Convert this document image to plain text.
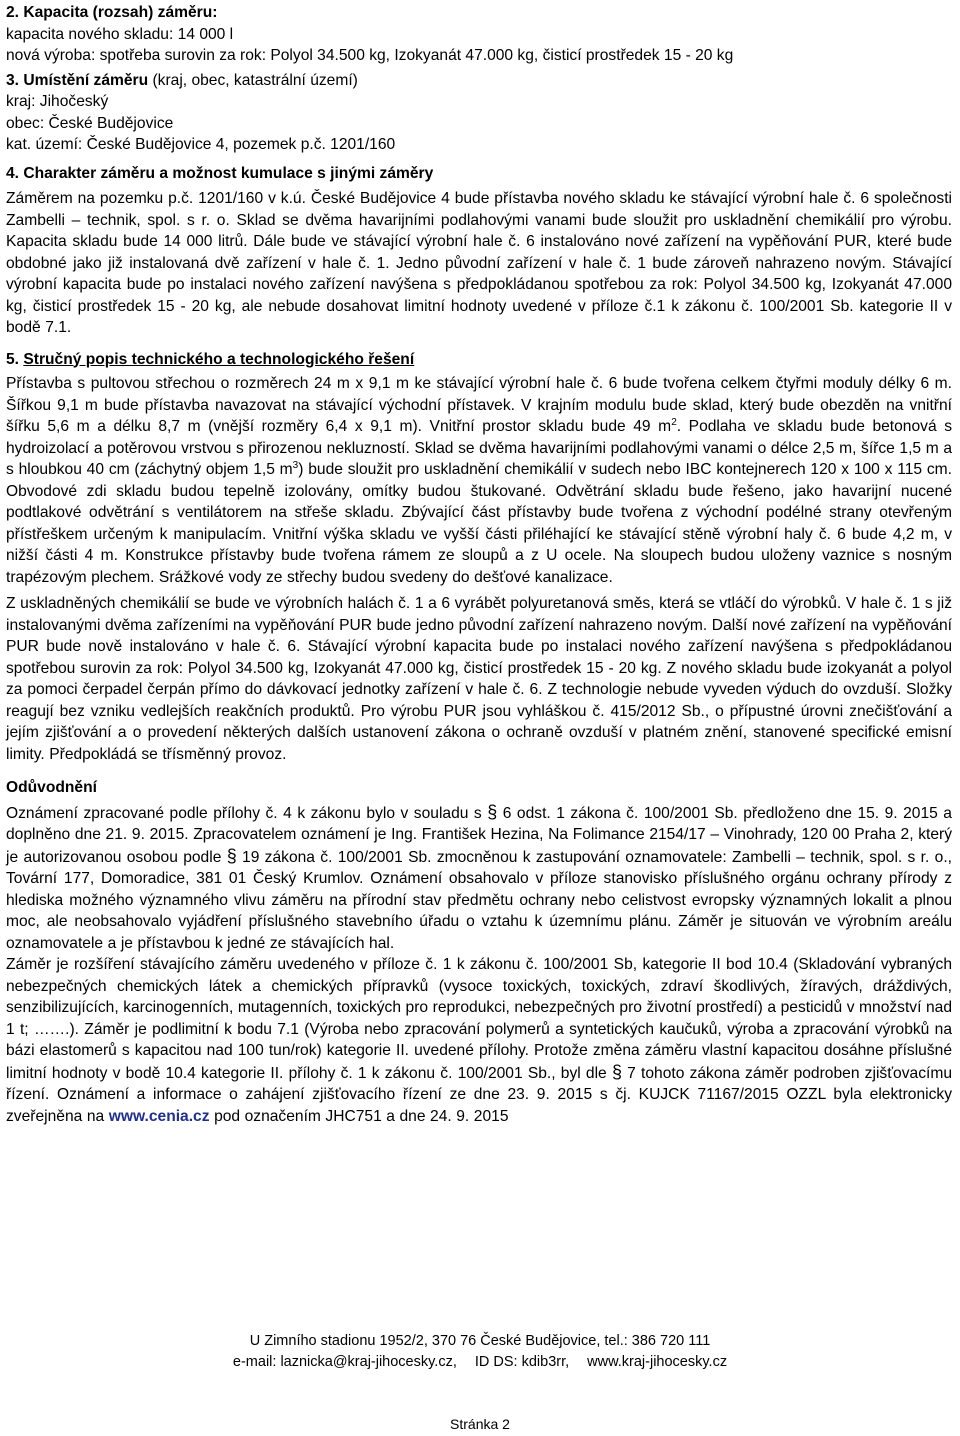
2. Kapacita (rozsah) záměru:
kapacita nového skladu: 14 000 l
nová výroba: spotřeba surovin za rok: Polyol 34.500 kg, Izokyanát 47.000 kg, čisticí prostředek 15 - 20 kg
3. Umístění záměru (kraj, obec, katastrální území)
kraj: Jihočeský
obec: České Budějovice
kat. území: České Budějovice 4, pozemek p.č. 1201/160
4. Charakter záměru a možnost kumulace s jinými záměry

Záměrem na pozemku p.č. 1201/160 v k.ú. České Budějovice 4 bude přístavba nového skladu ke stávající výrobní hale č. 6 společnosti Zambelli – technik, spol. s r. o. Sklad se dvěma havarijními podlahovými vanami bude sloužit pro uskladnění chemikálií pro výrobu. Kapacita skladu bude 14 000 litrů. Dále bude ve stávající výrobní hale č. 6 instalováno nové zařízení na vypěňování PUR, které bude obdobné jako již instalovaná dvě zařízení v hale č. 1. Jedno původní zařízení v hale č. 1 bude zároveň nahrazeno novým. Stávající výrobní kapacita bude po instalaci nového zařízení navýšena s předpokládanou spotřebou za rok: Polyol 34.500 kg, Izokyanát 47.000 kg, čisticí prostředek 15 - 20 kg, ale nebude dosahovat limitní hodnoty uvedené v příloze č.1 k zákonu č. 100/2001 Sb. kategorie II v bodě 7.1.

5. Stručný popis technického a technologického řešení

Přístavba s pultovou střechou o rozměrech 24 m x 9,1 m ke stávající výrobní hale č. 6 bude tvořena celkem čtyřmi moduly délky 6 m. Šířkou 9,1 m bude přístavba navazovat na stávající východní přístavek. V krajním modulu bude sklad, který bude obezděn na vnitřní šířku 5,6 m a délku 8,7 m (vnější rozměry 6,4 x 9,1 m). Vnitřní prostor skladu bude 49 $m^2$. Podlaha ve skladu bude betonová s hydroizolací a potěrovou vrstvou s přirozenou nekluzností. Sklad se dvěma havarijními podlahovými vanami o délce 2,5 m, šířce 1,5 m a s hloubkou 40 cm (záchytný objem 1,5 $m^3$) bude sloužit pro uskladnění chemikálií v sudech nebo IBC kontejnerech 120 x 100 x 115 cm. Obvodové zdi skladu budou tepelně izolovány, omítky budou štukované. Odvětrání skladu bude řešeno, jako havarijní nucené podtlakové odvětrání s ventilátorem na střeše skladu. Zbývající část přístavby bude tvořena z východní podélné strany otevřeným přístřeškem určeným k manipulacím. Vnitřní výška skladu ve vyšší části přiléhající ke stávající stěně výrobní haly č. 6 bude 4,2 m, v nižší části 4 m. Konstrukce přístavby bude tvořena rámem ze sloupů a z U ocele. Na sloupech budou uloženy vaznice s nosným trapézovým plechem. Srážkové vody ze střechy budou svedeny do dešťové kanalizace.

Z uskladněných chemikálií se bude ve výrobních halách č. 1 a 6 vyrábět polyuretanová směs, která se vtláčí do výrobků. V hale č. 1 s již instalovanými dvěma zařízeními na vypěňování PUR bude jedno původní zařízení nahrazeno novým. Další nové zařízení na vypěňování PUR bude nově instalováno v hale č. 6. Stávající výrobní kapacita bude po instalaci nového zařízení navýšena s předpokládanou spotřebou surovin za rok: Polyol 34.500 kg, Izokyanát 47.000 kg, čisticí prostředek 15 - 20 kg. Z nového skladu bude izokyanát a polyol za pomoci čerpadel čerpán přímo do dávkovací jednotky zařízení v hale č. 6. Z technologie nebude vyveden výduch do ovzduší. Složky reagují bez vzniku vedlejších reakčních produktů. Pro výrobu PUR jsou vyhláškou č. 415/2012 Sb., o přípustné úrovni znečišťování a jejím zjišťování a o provedení některých dalších ustanovení zákona o ochraně ovzduší v platném znění, stanovené specifické emisní limity. Předpokládá se třísměnný provoz.

Odůvodnění

Oznámení zpracované podle přílohy č. 4 k zákonu bylo v souladu s § 6 odst. 1 zákona č. 100/2001 Sb. předloženo dne 15. 9. 2015 a doplněno dne 21. 9. 2015. Zpracovatelem oznámení je Ing. František Hezina, Na Folimance 2154/17 – Vinohrady, 120 00 Praha 2, který je autorizovanou osobou podle § 19 zákona č. 100/2001 Sb. zmocněnou k zastupování oznamovatele: Zambelli – technik, spol. s r. o., Tovární 177, Domoradice, 381 01 Český Krumlov. Oznámení obsahovalo v příloze stanovisko příslušného orgánu ochrany přírody z hlediska možného významného vlivu záměru na přírodní stav předmětu ochrany nebo celistvost evropsky významných lokalit a plnou moc, ale neobsahovalo vyjádření příslušného stavebního úřadu o vztahu k územnímu plánu. Záměr je situován ve výrobním areálu oznamovatele a je přístavbou k jedné ze stávajících hal.

Záměr je rozšíření stávajícího záměru uvedeného v příloze č. 1 k zákonu č. 100/2001 Sb, kategorie II bod 10.4 (Skladování vybraných nebezpečných chemických látek a chemických přípravků (vysoce toxických, toxických, zdraví škodlivých, žíravých, dráždivých, senzibilizujících, karcinogenních, mutagenních, toxických pro reprodukci, nebezpečných pro životní prostředí) a pesticidů v množství nad 1 t; …….). Záměr je podlimitní k bodu 7.1 (Výroba nebo zpracování polymerů a syntetických kaučuků, výroba a zpracování výrobků na bázi elastomerů s kapacitou nad 100 tun/rok) kategorie II. uvedené přílohy. Protože změna záměru vlastní kapacitou dosáhne příslušné limitní hodnoty v bodě 10.4 kategorie II. přílohy č. 1 k zákonu č. 100/2001 Sb., byl dle § 7 tohoto zákona záměr podroben zjišťovacímu řízení. Oznámení a informace o zahájení zjišťovacího řízení ze dne 23. 9. 2015 s čj. KUJCK 71167/2015 OZZL byla elektronicky zveřejněna na www.cenia.cz pod označením JHC751 a dne 24. 9. 2015

U Zimního stadionu 1952/2, 370 76 České Budějovice, tel.: 386 720 111
e-mail: laznicka@kraj-jihocesky.cz, ID DS: kdib3rr, www.kraj-jihocesky.cz
Stránka 2
